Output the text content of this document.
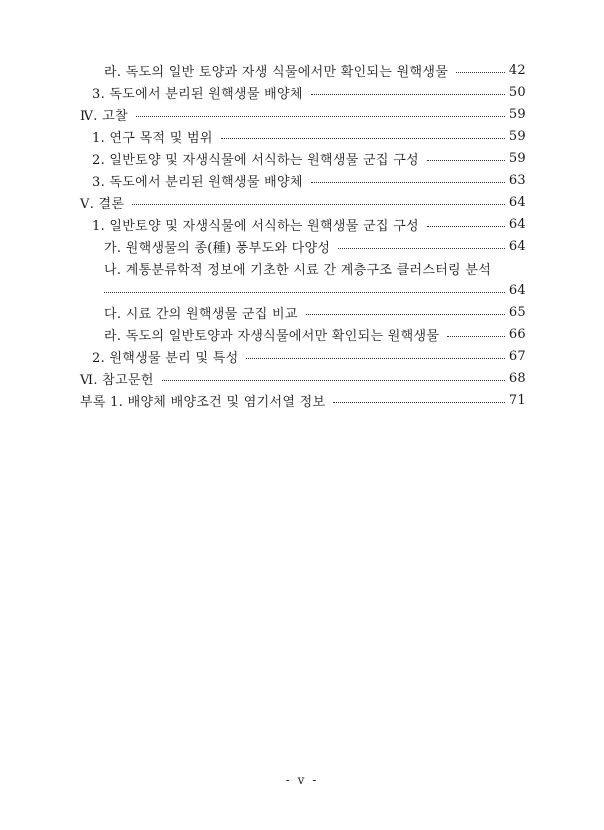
라. 독도의 일반 토양과 자생 식물에서만 확인되는 원핵생물	42
3. 독도에서 분리된 원핵생물 배양체	50
Ⅳ. 고찰	59
1. 연구 목적 및 범위	59
2. 일반토양 및 자생식물에 서식하는 원핵생물 군집 구성	59
3. 독도에서 분리된 원핵생물 배양체	63
Ⅴ. 결론	64
1. 일반토양 및 자생식물에 서식하는 원핵생물 군집 구성	64
가. 원핵생물의 종(種) 풍부도와 다양성	64
나. 계통분류학적 정보에 기초한 시료 간 계층구조 클러스터링 분석
64
다. 시료 간의 원핵생물 군집 비교	65
라. 독도의 일반토양과 자생식물에서만 확인되는 원핵생물	66
2. 원핵생물 분리 및 특성	67
Ⅵ. 참고문헌	68
부록 1. 배양체 배양조건 및 염기서열 정보	71
- v -
